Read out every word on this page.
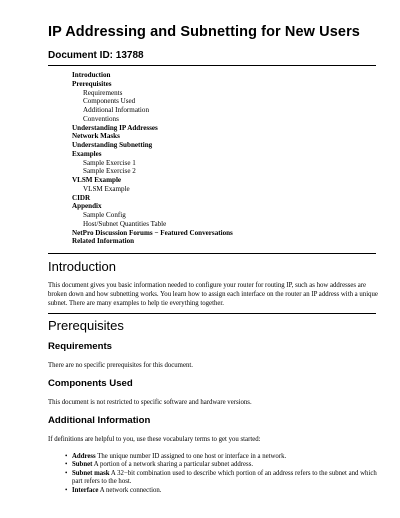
IP Addressing and Subnetting for New Users
Document ID: 13788
Introduction
Prerequisites
Requirements
Components Used
Additional Information
Conventions
Understanding IP Addresses
Network Masks
Understanding Subnetting
Examples
Sample Exercise 1
Sample Exercise 2
VLSM Example
VLSM Example
CIDR
Appendix
Sample Config
Host/Subnet Quantities Table
NetPro Discussion Forums − Featured Conversations
Related Information
Introduction

This document gives you basic information needed to configure your router for routing IP, such as how addresses are broken down and how subnetting works. You learn how to assign each interface on the router an IP address with a unique subnet. There are many examples to help tie everything together.

Prerequisites
Requirements

There are no specific prerequisites for this document.

Components Used

This document is not restricted to specific software and hardware versions.

Additional Information

If definitions are helpful to you, use these vocabulary terms to get you started:

• Address The unique number ID assigned to one host or interface in a network.
• Subnet A portion of a network sharing a particular subnet address.
• Subnet mask A 32−bit combination used to describe which portion of an address refers to the subnet and which part refers to the host.
• Interface A network connection.
